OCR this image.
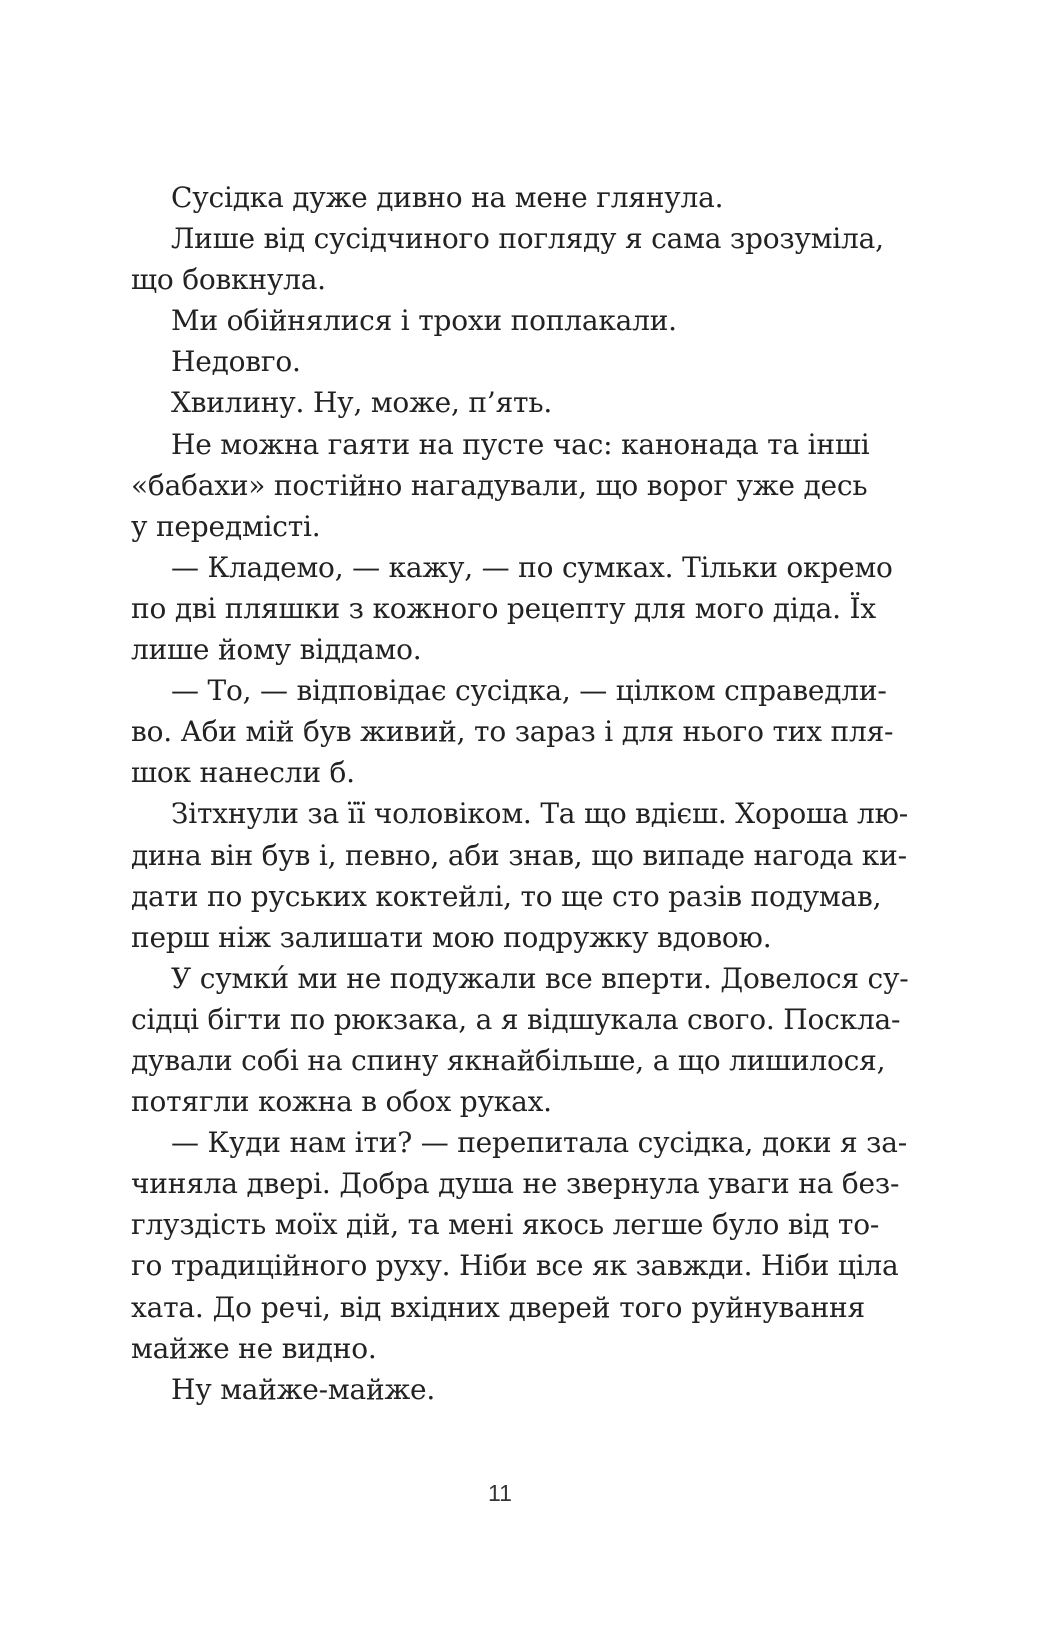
Сусідка дуже дивно на мене глянула.
Лише від сусідчиного погляду я сама зрозуміла,
що бовкнула.
Ми обійнялися і трохи поплакали.
Недовго.
Хвилину. Ну, може, п’ять.
Не можна гаяти на пусте час: канонада та інші
«бабахи» постійно нагадували, що ворог уже десь
у передмісті.
— Кладемо, — кажу, — по сумках. Тільки окремо
по дві пляшки з кожного рецепту для мого діда. Їх
лише йому віддамо.
— То, — відповідає сусідка, — цілком справедли-
во. Аби мій був живий, то зараз і для нього тих пля-
шок нанесли б.
Зітхнули за її чоловіком. Та що вдієш. Хороша лю-
дина він був і, певно, аби знав, що випаде нагода ки-
дати по руських коктейлі, то ще сто разів подумав,
перш ніж залишати мою подружку вдовою.
У сумки́ ми не подужали все вперти. Довелося су-
сідці бігти по рюкзака, а я відшукала свого. Поскла-
дували собі на спину якнайбільше, а що лишилося,
потягли кожна в обох руках.
— Куди нам іти? — перепитала сусідка, доки я за-
чиняла двері. Добра душа не звернула уваги на без-
глуздість моїх дій, та мені якось легше було від то-
го традиційного руху. Ніби все як завжди. Ніби ціла
хата. До речі, від вхідних дверей того руйнування
майже не видно.
Ну майже-майже.
11
